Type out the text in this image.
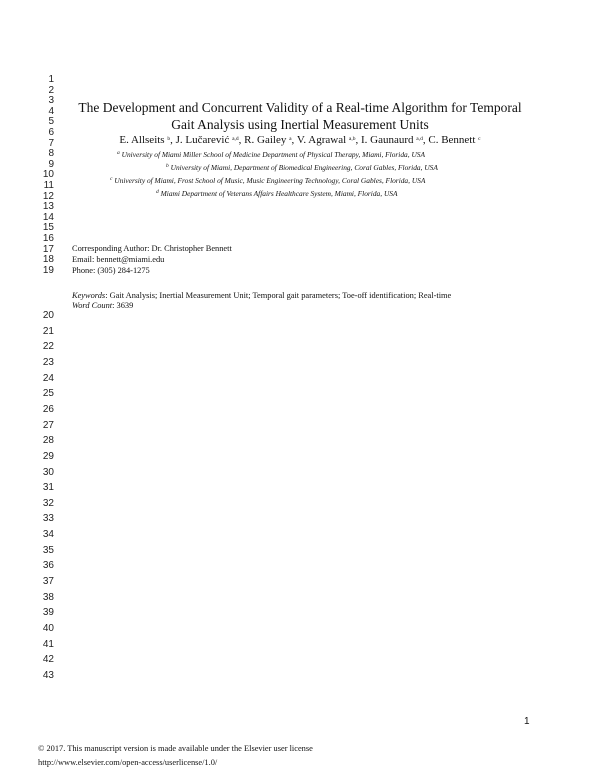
1
2
3
4
5
6
7
8
9
10
11
12
13
14
15
16
17
18
19
20
21
22
23
24
25
26
27
28
29
30
31
32
33
34
35
36
37
38
39
40
41
42
43
The Development and Concurrent Validity of a Real-time Algorithm for Temporal
Gait Analysis using Inertial Measurement Units
E. Allseits $^b$, J. Lučarević $^{a,d}$, R. Gailey $^a$, V. Agrawal $^{a,b}$, I. Gaunaurd $^{a,d}$, C. Bennett $^c$
$^a$ University of Miami Miller School of Medicine Department of Physical Therapy, Miami, Florida, USA
$^b$ University of Miami, Department of Biomedical Engineering, Coral Gables, Florida, USA
$^c$ University of Miami, Frost School of Music, Music Engineering Technology, Coral Gables, Florida, USA
$^d$ Miami Department of Veterans Affairs Healthcare System, Miami, Florida, USA
Corresponding Author: Dr. Christopher Bennett
Email: bennett@miami.edu
Phone: (305) 284-1275
Keywords: Gait Analysis; Inertial Measurement Unit; Temporal gait parameters; Toe-off identification; Real-time
Word Count: 3639
1
© 2017. This manuscript version is made available under the Elsevier user license
http://www.elsevier.com/open-access/userlicense/1.0/
